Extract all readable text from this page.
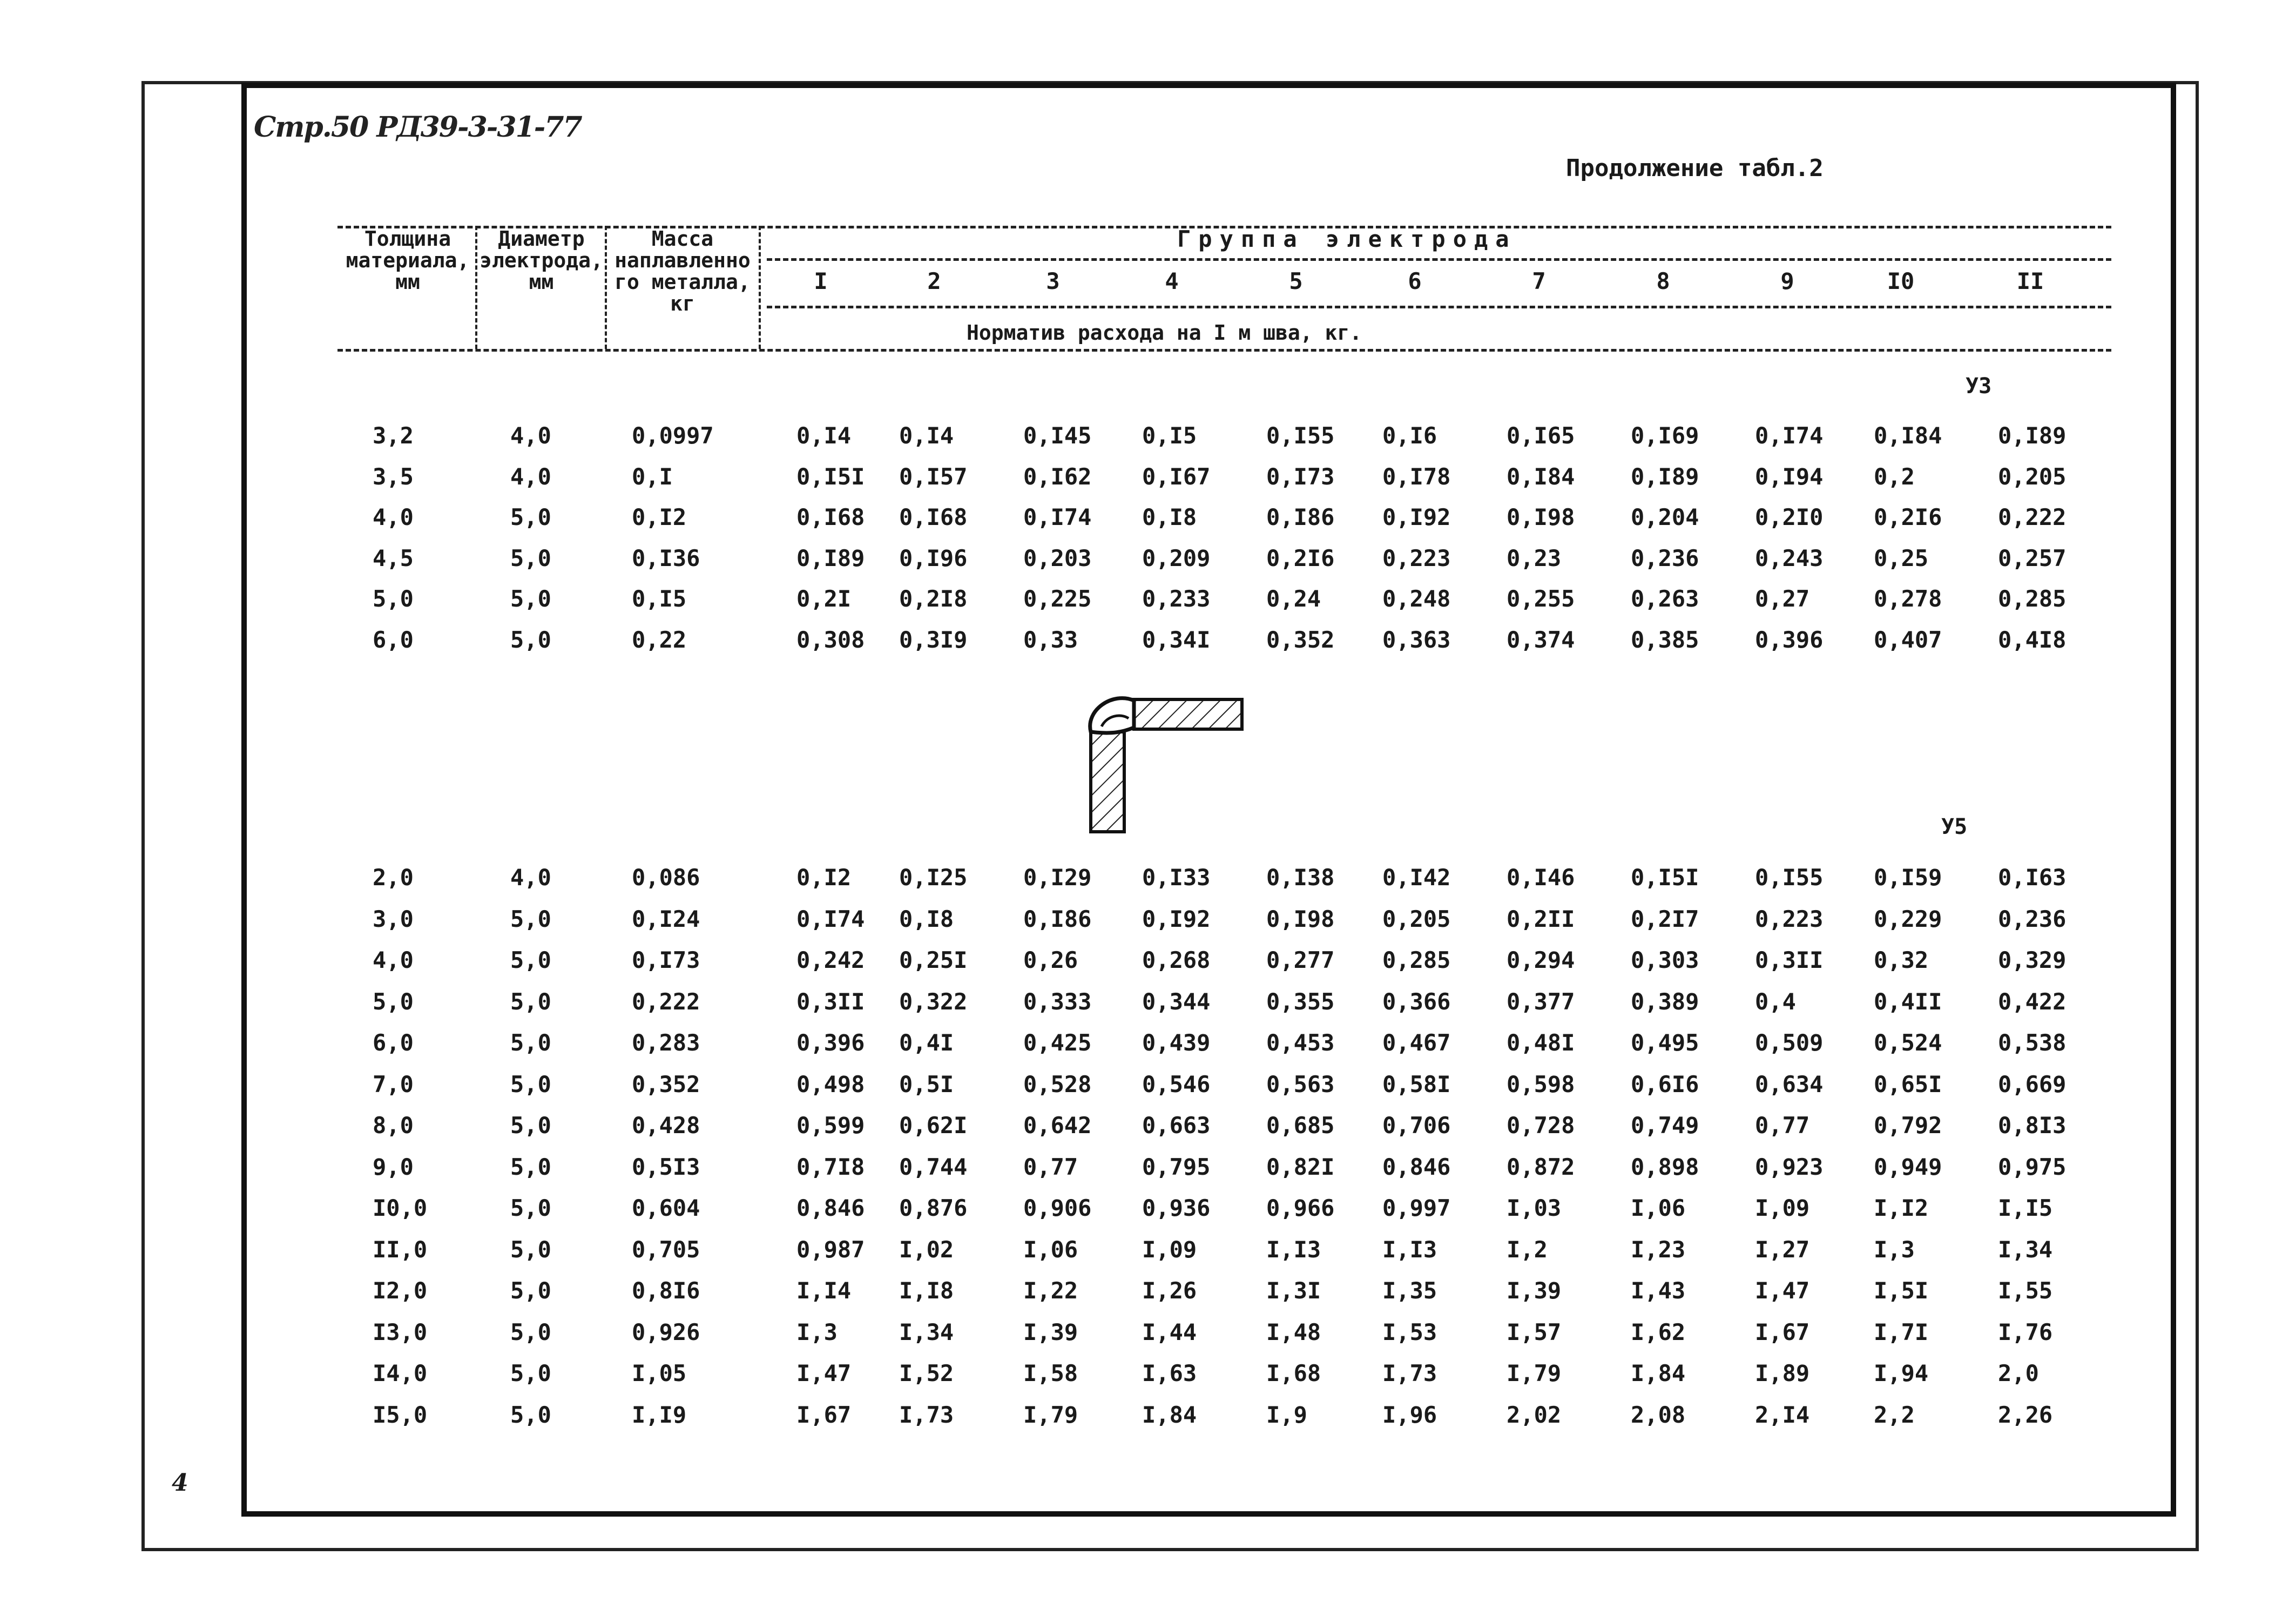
Стр.50 РД39-3-31-77
Продолжение табл.2
4
Толщина
материала,
мм
Диаметр
электрода,
мм
Масса
наплавленно
го металла,
кг
Группа электрода
Норматив расхода на I м шва, кг.
I	2	3	4	5	6	7	8	9	I0	II
У3
У5
3,2	4,0	0,0997	0,I4 0,I4	0,I45 0,I5	0,I55 0,I6	0,I65 0,I69 0,I74 0,I84 0,I89
3,5	4,0	0,I	0,I5I 0,I57 0,I62 0,I67 0,I73 0,I78 0,I84 0,I89 0,I94 0,2	0,205
4,0	5,0	0,I2	0,I68 0,I68 0,I74 0,I8	0,I86 0,I92 0,I98 0,204 0,2I0 0,2I6 0,222
4,5	5,0	0,I36	0,I89 0,I96 0,203 0,209 0,2I6 0,223 0,23	0,236 0,243 0,25	0,257
5,0	5,0	0,I5	0,2I 0,2I8 0,225 0,233 0,24	0,248 0,255 0,263 0,27	0,278 0,285
6,0	5,0	0,22	0,308 0,3I9 0,33	0,34I 0,352 0,363 0,374 0,385 0,396 0,407 0,4I8
2,0	4,0	0,086	0,I2 0,I25 0,I29 0,I33 0,I38 0,I42 0,I46 0,I5I 0,I55 0,I59 0,I63
3,0	5,0	0,I24	0,I74 0,I8	0,I86 0,I92 0,I98 0,205 0,2II 0,2I7 0,223 0,229 0,236
4,0	5,0	0,I73	0,242 0,25I 0,26	0,268 0,277 0,285 0,294 0,303 0,3II 0,32	0,329
5,0	5,0	0,222	0,3II 0,322 0,333 0,344 0,355 0,366 0,377 0,389 0,4	0,4II 0,422
6,0	5,0	0,283	0,396 0,4I	0,425 0,439 0,453 0,467 0,48I 0,495 0,509 0,524 0,538
7,0	5,0	0,352	0,498 0,5I	0,528 0,546 0,563 0,58I 0,598 0,6I6 0,634 0,65I 0,669
8,0	5,0	0,428	0,599 0,62I 0,642 0,663 0,685 0,706 0,728 0,749 0,77	0,792 0,8I3
9,0	5,0	0,5I3	0,7I8 0,744 0,77	0,795 0,82I 0,846 0,872 0,898 0,923 0,949 0,975
I0,0	5,0	0,604	0,846 0,876 0,906 0,936 0,966 0,997 I,03	I,06	I,09	I,I2	I,I5
II,0	5,0	0,705	0,987 I,02	I,06	I,09	I,I3	I,I3	I,2	I,23	I,27	I,3	I,34
I2,0	5,0	0,8I6	I,I4 I,I8	I,22	I,26	I,3I	I,35	I,39	I,43	I,47	I,5I	I,55
I3,0	5,0	0,926	I,3	I,34	I,39	I,44	I,48	I,53	I,57	I,62	I,67	I,7I	I,76
I4,0	5,0	I,05	I,47 I,52	I,58	I,63	I,68	I,73	I,79	I,84	I,89	I,94	2,0
I5,0	5,0	I,I9	I,67 I,73	I,79	I,84	I,9	I,96	2,02	2,08	2,I4	2,2	2,26
